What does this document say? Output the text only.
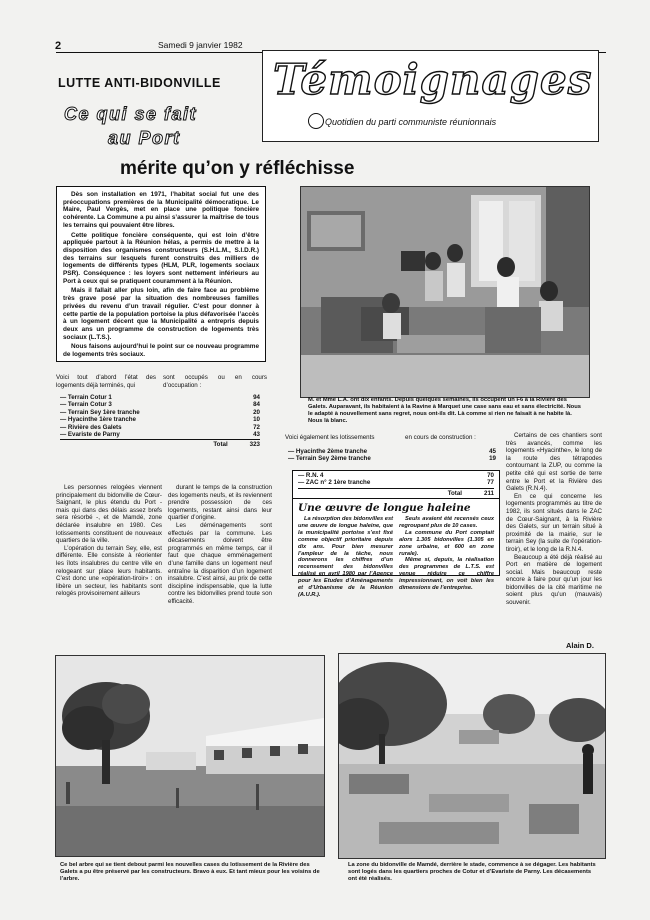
2	Samedi 9 janvier 1982
Témoignages
Quotidien du parti communiste réunionnais
LUTTE ANTI-BIDONVILLE
Ce qui se fait
au Port
mérite qu’on y réfléchisse

Dès son installation en 1971, l’habitat social fut une des préoccupations premières de la Municipalité démocratique. Le Maire, Paul Vergès, met en place une politique foncière cohérente. La Commune a pu ainsi s’assurer la maîtrise de tous les terrains qui pouvaient être libres.

Cette politique foncière conséquente, qui est loin d’être appliquée partout à la Réunion hélas, a permis de mettre à la disposition des organismes constructeurs (S.H.L.M., S.I.D.R.) des terrains sur lesquels furent construits des milliers de logements de différents types (HLM, PLR, logements sociaux PSR). Conséquence : les loyers sont nettement inférieurs au Port à ceux qui se pratiquent couramment à la Réunion.

Mais il fallait aller plus loin, afin de faire face au problème très grave posé par la situation des nombreuses familles privées du revenu d’un travail régulier. C’est pour donner à cette partie de la population portoise la plus défavorisée l’accès à un logement décent que la Municipalité a entrepris depuis deux ans un programme de construction de logements très sociaux (L.T.S.).

Nous faisons aujourd’hui le point sur ce nouveau programme de logements très sociaux.

M. et Mme L.A. ont dix enfants. Depuis quelques semaines, ils occupent un F6 à la Rivière des Galets. Auparavant, ils habitaient à la Ravine à Marquet une case sans eau et sans électricité. Nous le adapté à nouvellement sans regret, nous ont-ils dit. Là comme si rien ne faisait à ne habite là. Nous là blanc.
Voici tout d’abord l’état des logements déjà terminés, qui
sont occupés ou en cours d’occupation :
— Terrain Cotur 1	94
— Terrain Cotur 3	84
— Terrain Sey 1ère tranche	20
— Hyacinthe 1ère tranche	10
— Rivière des Galets	72
— Evariste de Parny	43
Total	323

Les personnes relogées viennent principalement du bidonville de Cœur-Saignant, le plus étendu du Port - mais qui dans des délais assez brefs sera résorbé -, et de Mamdé, zone déclarée insalubre en 1980. Ces lotissements constituent de nouveaux quartiers de la ville.

L’opération du terrain Sey, elle, est différente. Elle consiste à réorienter les îlots insalubres du centre ville en relogeant sur place leurs habitants. C’est donc une «opération-tiroir» : on libère un secteur, les habitants sont relogés provisoirement ailleurs

durant le temps de la construction des logements neufs, et ils reviennent prendre possession de ces logements, restant ainsi dans leur quartier d’origine.

Les déménagements sont effectués par la commune. Les décasements doivent être programmés en même temps, car il faut que chaque emménagement d’une famille dans un logement neuf entraîne la disparition d’un logement insalubre. C’est ainsi, au prix de cette discipline indispensable, que la lutte contre les bidonvilles prend toute son efficacité.

Voici également les lotissements	en cours de construction :
— Hyacinthe 2ème tranche	45
— Terrain Sey 2ème tranche	19
— R.N. 4	70
— ZAC n° 2 1ère tranche	77
Total	211
Une œuvre de longue haleine

La résorption des bidonvilles est une œuvre de longue haleine, que la municipalité portoise s’est fixé comme objectif prioritaire depuis dix ans. Pour bien mesurer l’ampleur de la tâche, nous donnerons les chiffres d’un recensement des bidonvilles réalisé en avril 1980 par l’Agence pour les Etudes d’Aménagements et d’Urbanisme de la Réunion (A.U.R.).

Seuls avaient été recensés ceux regroupant plus de 10 cases.

La commune du Port comptait alors 1.305 bidonvilles (1.305 en zone urbaine, et 600 en zone rurale).

Même si, depuis, la réalisation des programmes de L.T.S. est venue réduire ce chiffre impressionnant, on voit bien les dimensions de l’entreprise.

Certains de ces chantiers sont très avancés, comme les logements «Hyacinthe», le long de la route des tétrapodes contournant la ZUP, ou comme la petite cité qui est sortie de terre entre le Port et la Rivière des Galets (R.N.4).

En ce qui concerne les logements programmés au titre de 1982, ils sont situés dans le ZAC de Cœur-Saignant, à la Rivière des Galets, sur un terrain situé à proximité de la mairie, sur le terrain Sey (la suite de l’opération-tiroir), et le long de la R.N.4.

Beaucoup a été déjà réalisé au Port en matière de logement social. Mais beaucoup reste encore à faire pour qu’un jour les bidonvilles de la cité maritime ne soient plus qu’un (mauvais) souvenir.

Alain D.
Ce bel arbre qui se tient debout parmi les nouvelles cases du lotissement de la Rivière des Galets a pu être préservé par les constructeurs. Bravo à eux. Et tant mieux pour les voisins de l’arbre.
La zone du bidonville de Mamdé, derrière le stade, commence à se dégager. Les habitants sont logés dans les quartiers proches de Cotur et d’Evariste de Parny. Les décasements ont été réalisés.
